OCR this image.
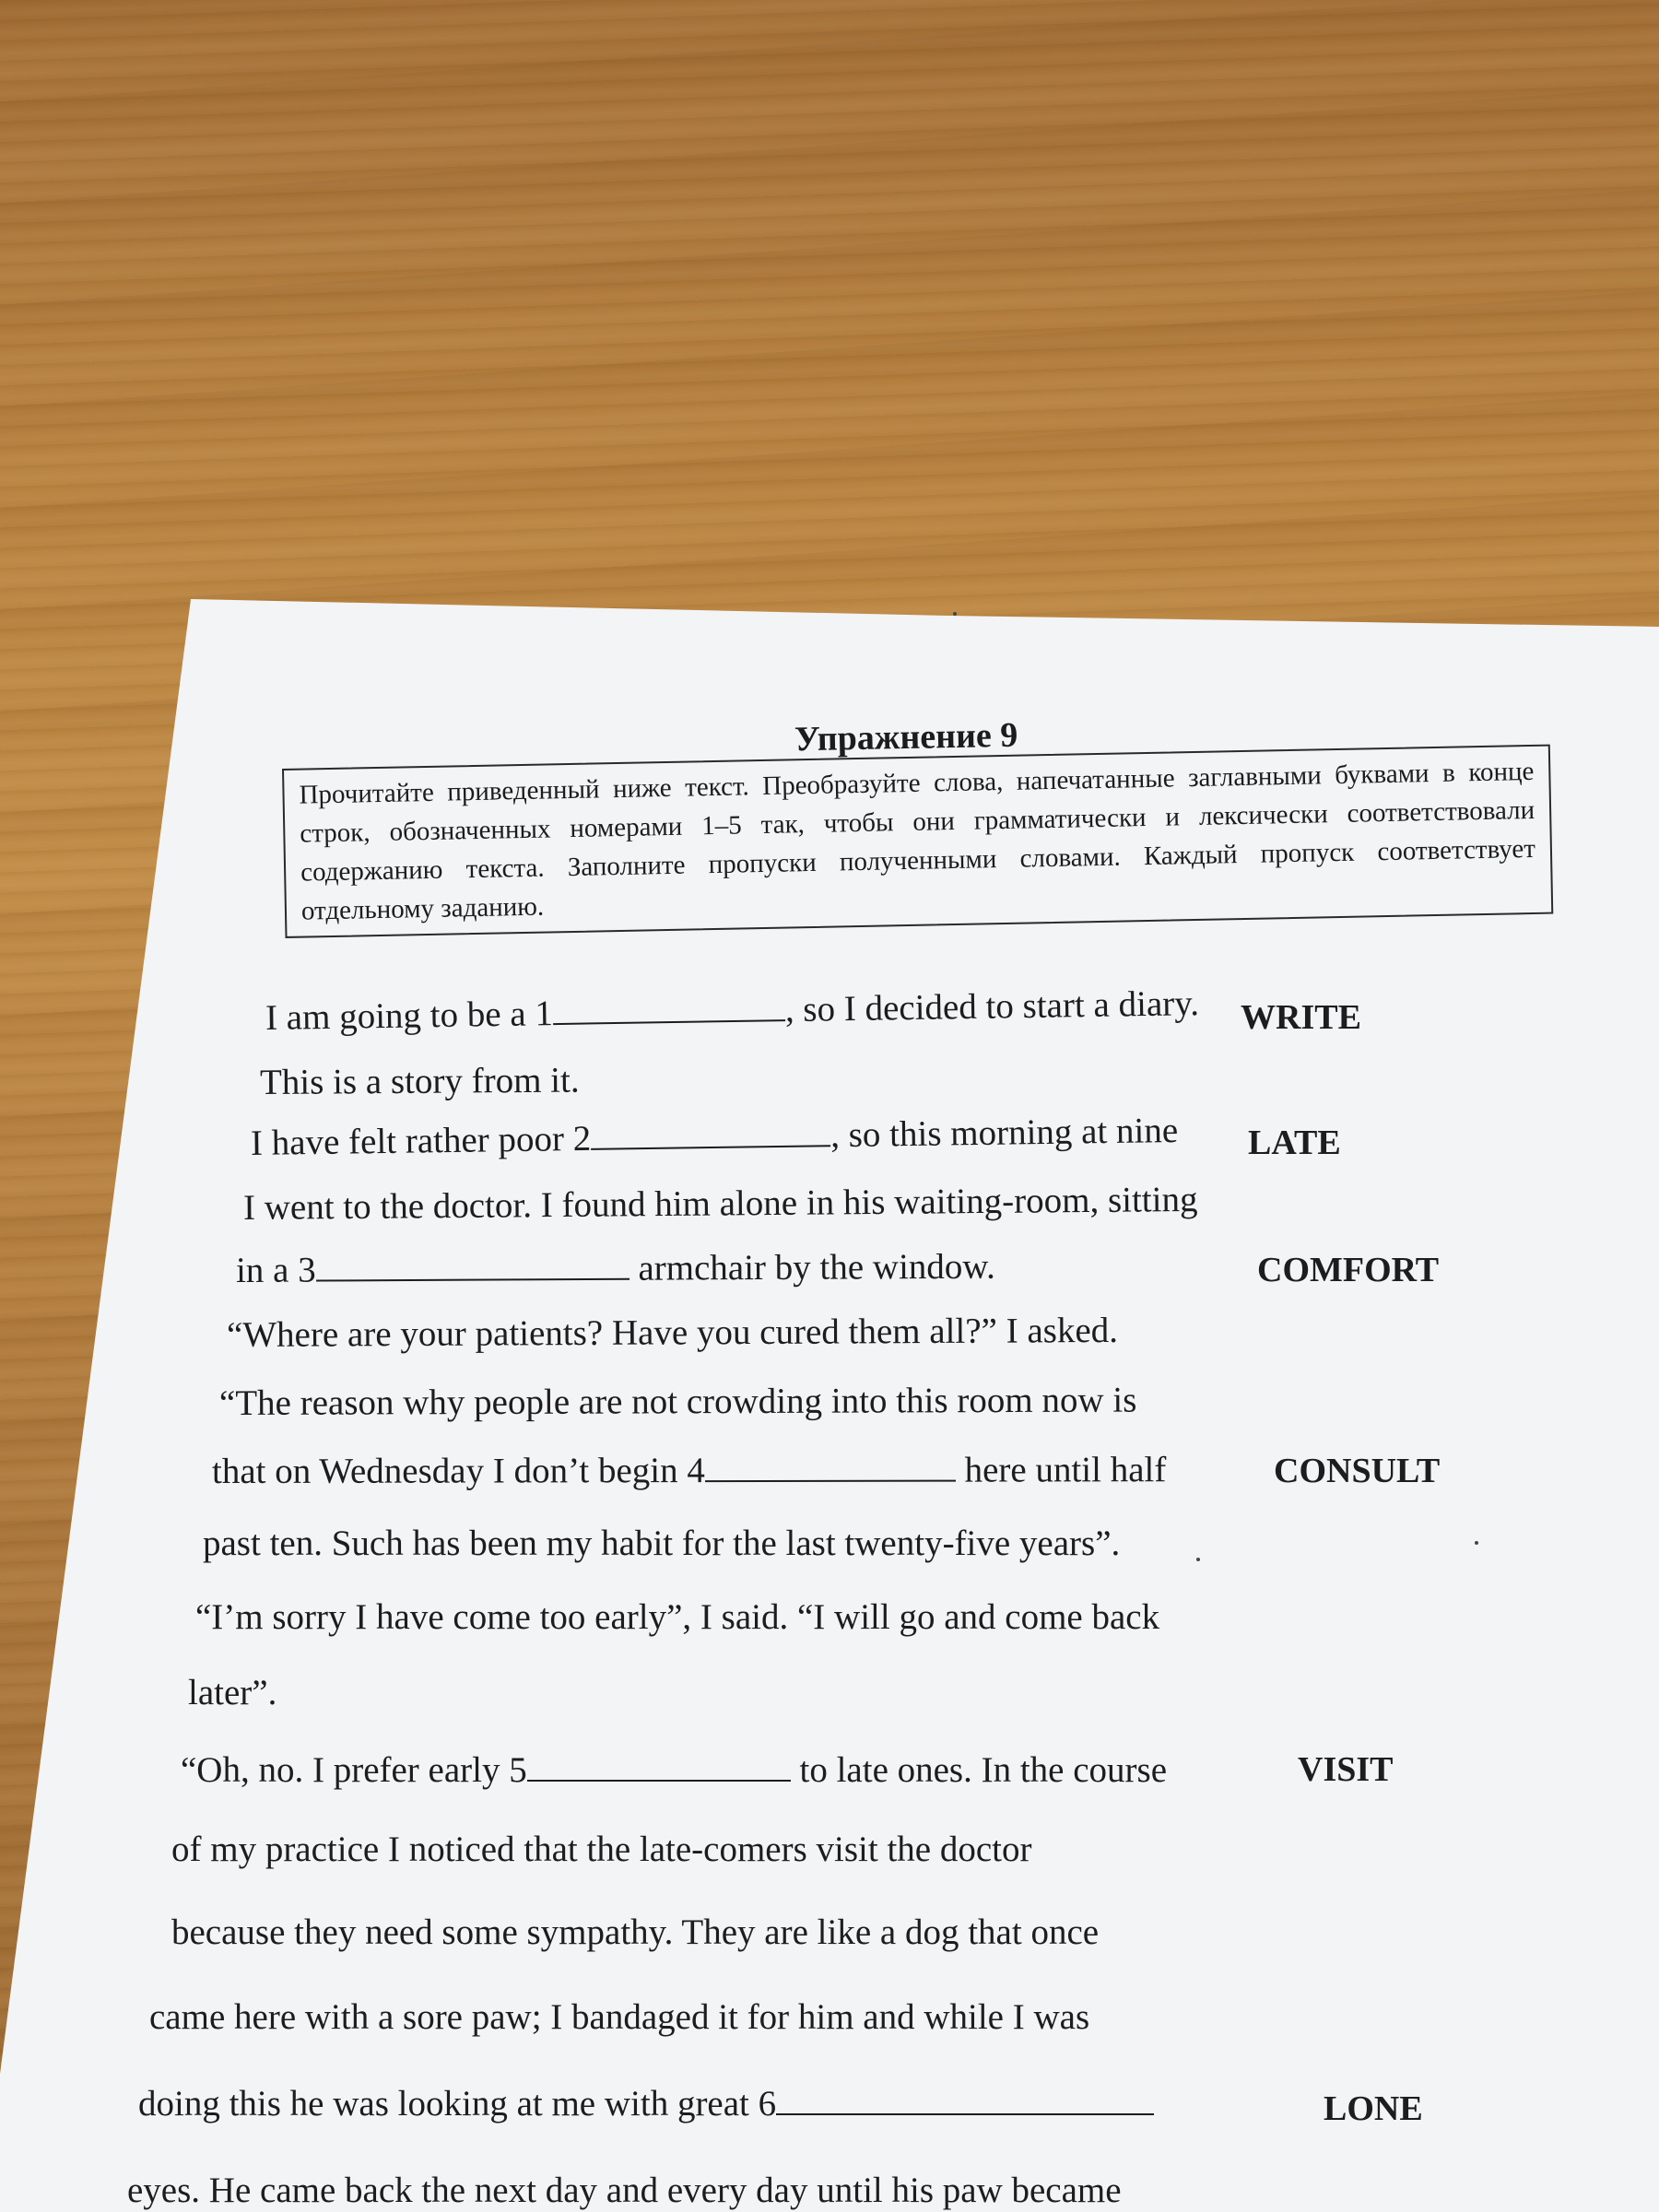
Упражнение 9

Прочитайте приведенный ниже текст. Преобразуйте слова, напечатанные заглавными буквами в конце строк, обозначенных номерами 1–5 так, чтобы они грамматически и лексически соответствовали содержанию текста. Заполните пропуски полученными словами. Каждый пропуск соответствует отдельному заданию.

I am going to be a 1	, so I decided to start a diary.
This is a story from it.
I have felt rather poor 2	, so this morning at nine
I went to the doctor. I found him alone in his waiting-room, sitting
in a 3	armchair by the window.
“Where are your patients? Have you cured them all?” I asked.
“The reason why people are not crowding into this room now is
that on Wednesday I don’t begin 4	here until half
past ten. Such has been my habit for the last twenty-five years”.
“I’m sorry I have come too early”, I said. “I will go and come back
later”.
“Oh, no. I prefer early 5	to late ones. In the course
of my practice I noticed that the late-comers visit the doctor
because they need some sympathy. They are like a dog that once
came here with a sore paw; I bandaged it for him and while I was
doing this he was looking at me with great 6
eyes. He came back the next day and every day until his paw became
WRITE
LATE
COMFORT
CONSULT
VISIT
LONE
